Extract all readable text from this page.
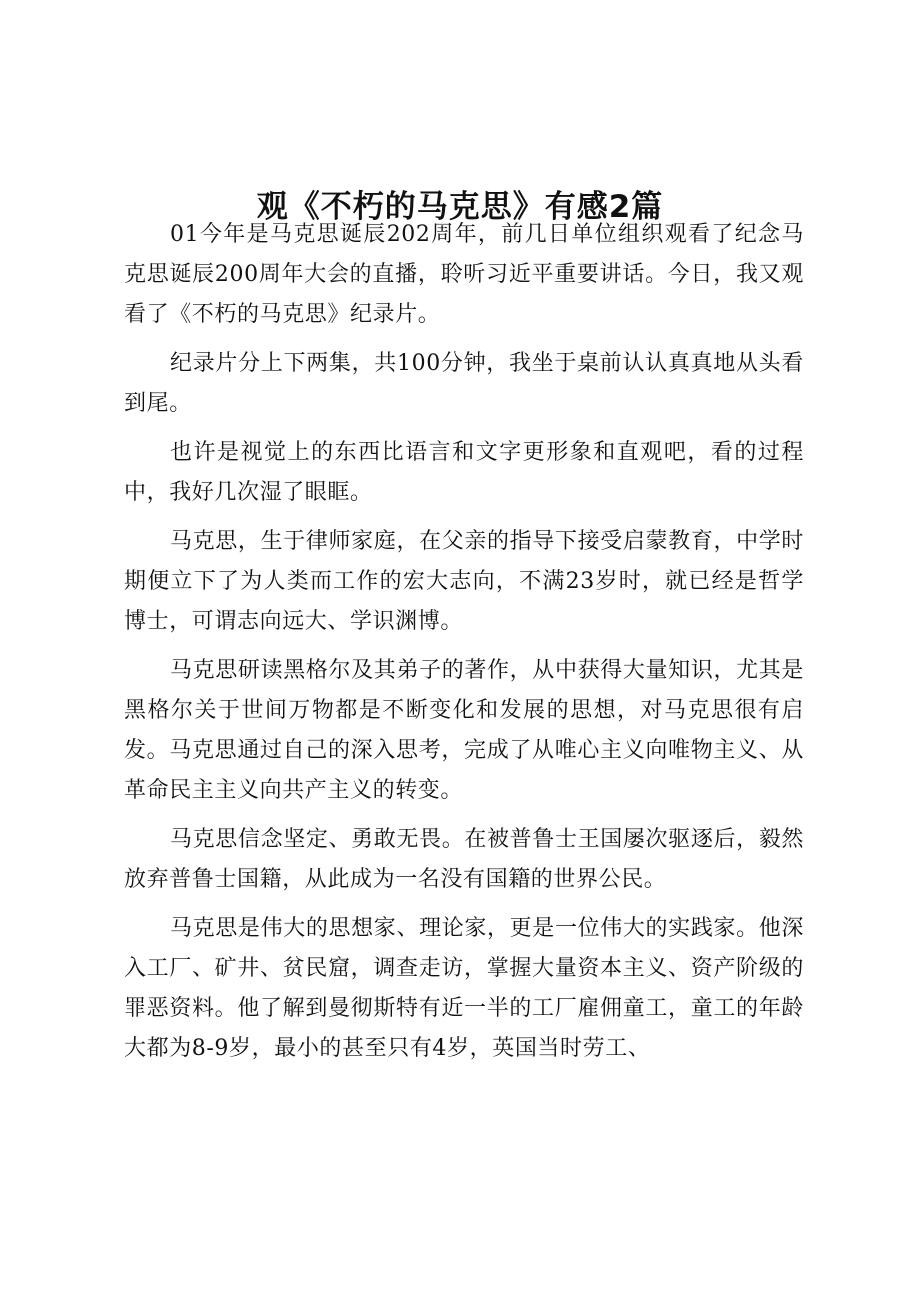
观《不朽的马克思》有感2篇

01今年是马克思诞辰202周年，前几日单位组织观看了纪念马克思诞辰200周年大会的直播，聆听习近平重要讲话。今日，我又观看了《不朽的马克思》纪录片。

纪录片分上下两集，共100分钟，我坐于桌前认认真真地从头看到尾。

也许是视觉上的东西比语言和文字更形象和直观吧，看的过程中，我好几次湿了眼眶。

马克思，生于律师家庭，在父亲的指导下接受启蒙教育，中学时期便立下了为人类而工作的宏大志向，不满23岁时，就已经是哲学博士，可谓志向远大、学识渊博。

马克思研读黑格尔及其弟子的著作，从中获得大量知识，尤其是黑格尔关于世间万物都是不断变化和发展的思想，对马克思很有启发。马克思通过自己的深入思考，完成了从唯心主义向唯物主义、从革命民主主义向共产主义的转变。

马克思信念坚定、勇敢无畏。在被普鲁士王国屡次驱逐后，毅然放弃普鲁士国籍，从此成为一名没有国籍的世界公民。

马克思是伟大的思想家、理论家，更是一位伟大的实践家。他深入工厂、矿井、贫民窟，调查走访，掌握大量资本主义、资产阶级的罪恶资料。他了解到曼彻斯特有近一半的工厂雇佣童工，童工的年龄大都为8-9岁，最小的甚至只有4岁，英国当时劳工、
